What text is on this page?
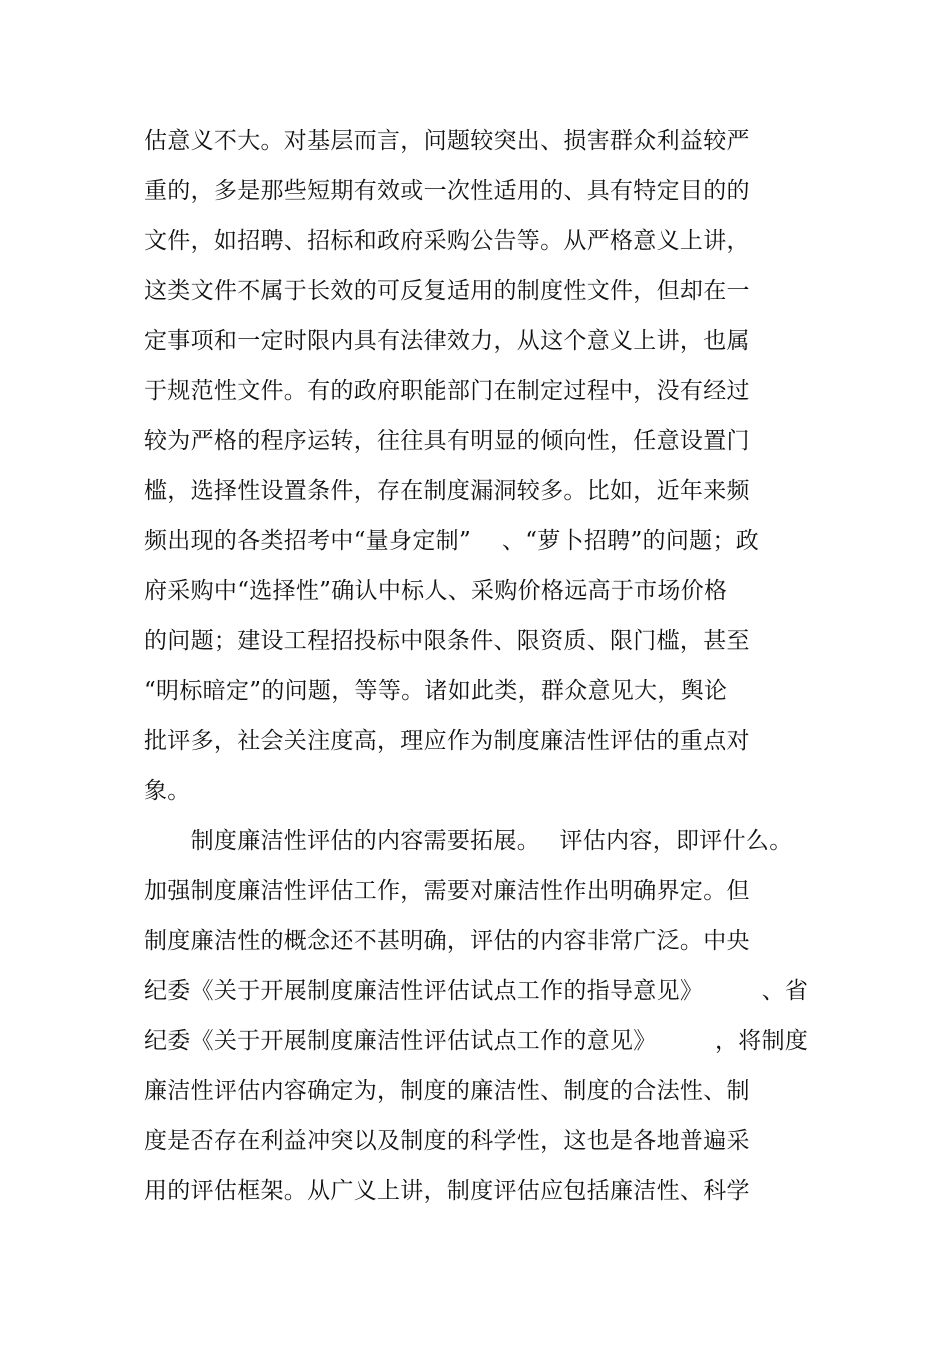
估意义不大。对基层而言，问题较突出、损害群众利益较严
重的，多是那些短期有效或一次性适用的、具有特定目的的
文件，如招聘、招标和政府采购公告等。从严格意义上讲，
这类文件不属于长效的可反复适用的制度性文件，但却在一
定事项和一定时限内具有法律效力，从这个意义上讲，也属
于规范性文件。有的政府职能部门在制定过程中，没有经过
较为严格的程序运转，往往具有明显的倾向性，任意设置门
槛，选择性设置条件，存在制度漏洞较多。比如，近年来频
频出现的各类招考中“量身定制”　 、“萝卜招聘”的问题；政
府采购中“选择性”确认中标人、采购价格远高于市场价格
的问题；建设工程招投标中限条件、限资质、限门槛，甚至
“明标暗定”的问题，等等。诸如此类，群众意见大，舆论
批评多，社会关注度高，理应作为制度廉洁性评估的重点对
象。
　　制度廉洁性评估的内容需要拓展。　 评估内容，即评什么。
加强制度廉洁性评估工作，需要对廉洁性作出明确界定。但
制度廉洁性的概念还不甚明确，评估的内容非常广泛。中央
纪委《关于开展制度廉洁性评估试点工作的指导意见》　　　、省
纪委《关于开展制度廉洁性评估试点工作的意见》　　　，将制度
廉洁性评估内容确定为，制度的廉洁性、制度的合法性、制
度是否存在利益冲突以及制度的科学性，这也是各地普遍采
用的评估框架。从广义上讲，制度评估应包括廉洁性、科学
